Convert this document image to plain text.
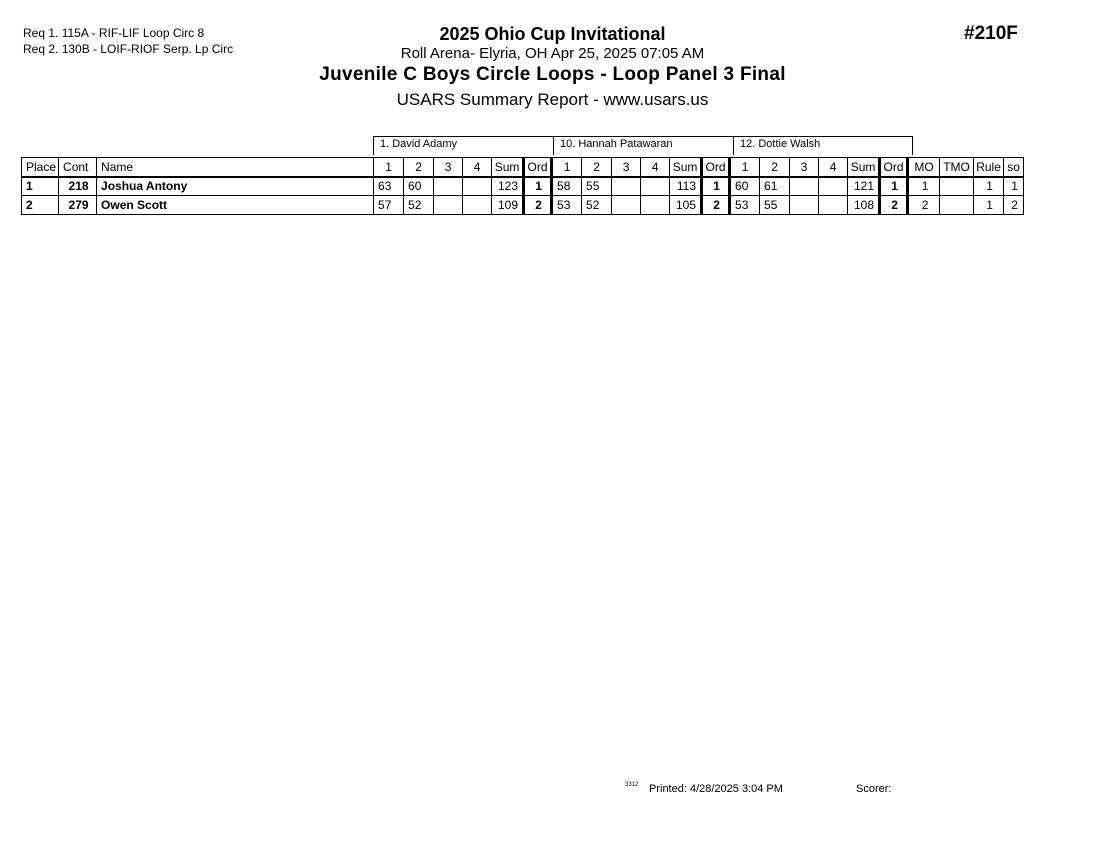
Req 1. 115A - RIF-LIF Loop Circ 8
Req 2. 130B - LOIF-RIOF Serp. Lp Circ
#210F
2025 Ohio Cup Invitational
Roll Arena- Elyria, OH Apr 25, 2025 07:05 AM
Juvenile C Boys Circle Loops - Loop Panel 3 Final
USARS Summary Report - www.usars.us
1. David Adamy	10. Hannah Patawaran	12. Dottie Walsh
Place	Cont	Name	1	2	3	4	Sum	Ord	1	2	3	4	Sum	Ord	1	2	3	4	Sum	Ord	MO	TMO	Rule	so
1	218	Joshua Antony	63	60			123	1	58	55			113	1	60	61			121	1	1		1	1
2	279	Owen Scott	57	52			109	2	53	52			105	2	53	55			108	2	2		1	2
3312 Printed: 4/28/2025 3:04 PM	Scorer:
